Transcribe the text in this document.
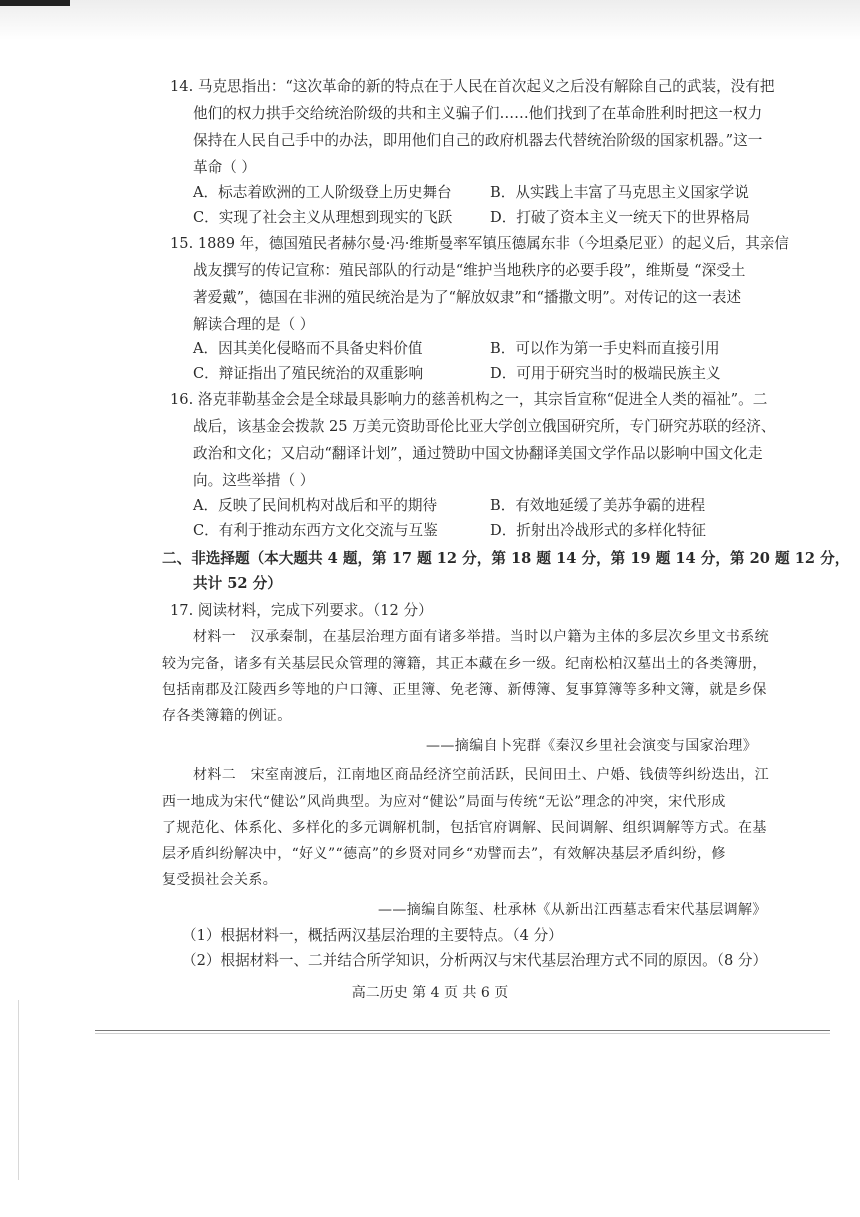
14. 马克思指出：“这次革命的新的特点在于人民在首次起义之后没有解除自己的武装，没有把
他们的权力拱手交给统治阶级的共和主义骗子们……他们找到了在革命胜利时把这一权力
保持在人民自己手中的办法，即用他们自己的政府机器去代替统治阶级的国家机器。”这一
革命（ ）
A．标志着欧洲的工人阶级登上历史舞台	B．从实践上丰富了马克思主义国家学说
C．实现了社会主义从理想到现实的飞跃	D．打破了资本主义一统天下的世界格局
15. 1889 年，德国殖民者赫尔曼·冯·维斯曼率军镇压德属东非（今坦桑尼亚）的起义后，其亲信
战友撰写的传记宣称：殖民部队的行动是“维护当地秩序的必要手段”，维斯曼 “深受土
著爱戴”，德国在非洲的殖民统治是为了“解放奴隶”和“播撒文明”。对传记的这一表述
解读合理的是（ ）
A．因其美化侵略而不具备史料价值	B．可以作为第一手史料而直接引用
C．辩证指出了殖民统治的双重影响	D．可用于研究当时的极端民族主义
16. 洛克菲勒基金会是全球最具影响力的慈善机构之一，其宗旨宣称“促进全人类的福祉”。二
战后，该基金会拨款 25 万美元资助哥伦比亚大学创立俄国研究所，专门研究苏联的经济、
政治和文化；又启动“翻译计划”，通过赞助中国文协翻译美国文学作品以影响中国文化走
向。这些举措（ ）
A．反映了民间机构对战后和平的期待	B．有效地延缓了美苏争霸的进程
C．有利于推动东西方文化交流与互鉴	D．折射出冷战形式的多样化特征
二、非选择题（本大题共 4 题，第 17 题 12 分，第 18 题 14 分，第 19 题 14 分，第 20 题 12 分，
共计 52 分）
17. 阅读材料，完成下列要求。（12 分）
材料一　汉承秦制，在基层治理方面有诸多举措。当时以户籍为主体的多层次乡里文书系统
较为完备，诸多有关基层民众管理的簿籍，其正本藏在乡一级。纪南松柏汉墓出土的各类簿册，
包括南郡及江陵西乡等地的户口簿、正里簿、免老簿、新傅簿、复事算簿等多种文簿，就是乡保
存各类簿籍的例证。
——摘编自卜宪群《秦汉乡里社会演变与国家治理》
材料二　宋室南渡后，江南地区商品经济空前活跃，民间田土、户婚、钱债等纠纷迭出，江
西一地成为宋代“健讼”风尚典型。为应对“健讼”局面与传统“无讼”理念的冲突，宋代形成
了规范化、体系化、多样化的多元调解机制，包括官府调解、民间调解、组织调解等方式。在基
层矛盾纠纷解决中，“好义”“德高”的乡贤对同乡“劝譬而去”，有效解决基层矛盾纠纷，修
复受损社会关系。
——摘编自陈玺、杜承林《从新出江西墓志看宋代基层调解》
（1）根据材料一，概括两汉基层治理的主要特点。（4 分）
（2）根据材料一、二并结合所学知识，分析两汉与宋代基层治理方式不同的原因。（8 分）
高二历史 第 4 页 共 6 页
